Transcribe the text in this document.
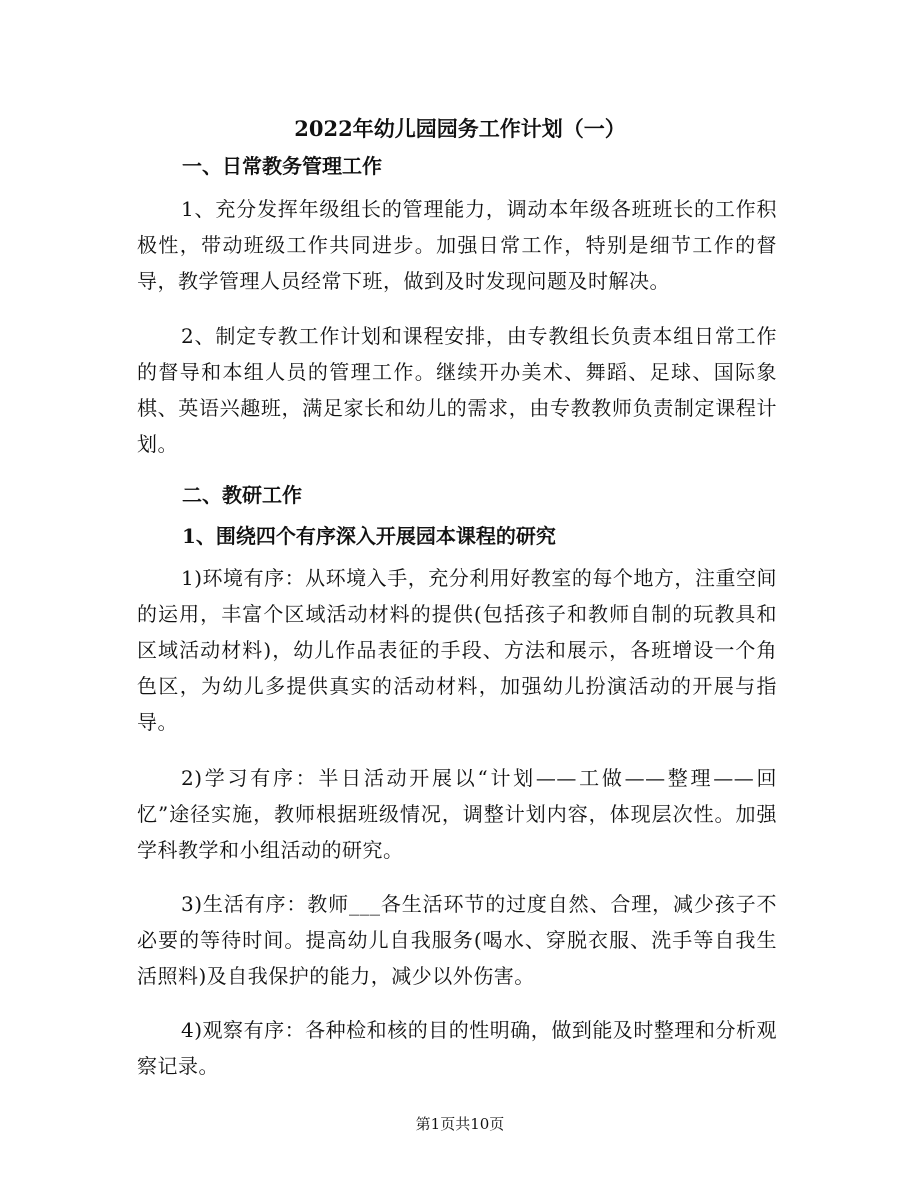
2022年幼儿园园务工作计划（一）
一、日常教务管理工作

1、充分发挥年级组长的管理能力，调动本年级各班班长的工作积极性，带动班级工作共同进步。加强日常工作，特别是细节工作的督导，教学管理人员经常下班，做到及时发现问题及时解决。

2、制定专教工作计划和课程安排，由专教组长负责本组日常工作的督导和本组人员的管理工作。继续开办美术、舞蹈、足球、国际象棋、英语兴趣班，满足家长和幼儿的需求，由专教教师负责制定课程计划。

二、教研工作
1、围绕四个有序深入开展园本课程的研究

1)环境有序：从环境入手，充分利用好教室的每个地方，注重空间的运用，丰富个区域活动材料的提供(包括孩子和教师自制的玩教具和区域活动材料)，幼儿作品表征的手段、方法和展示，各班增设一个角色区，为幼儿多提供真实的活动材料，加强幼儿扮演活动的开展与指导。

2)学习有序：半日活动开展以“计划——工做——整理——回忆”途径实施，教师根据班级情况，调整计划内容，体现层次性。加强学科教学和小组活动的研究。

3)生活有序：教师___各生活环节的过度自然、合理，减少孩子不必要的等待时间。提高幼儿自我服务(喝水、穿脱衣服、洗手等自我生活照料)及自我保护的能力，减少以外伤害。

4)观察有序：各种检和核的目的性明确，做到能及时整理和分析观察记录。

第1页共10页
